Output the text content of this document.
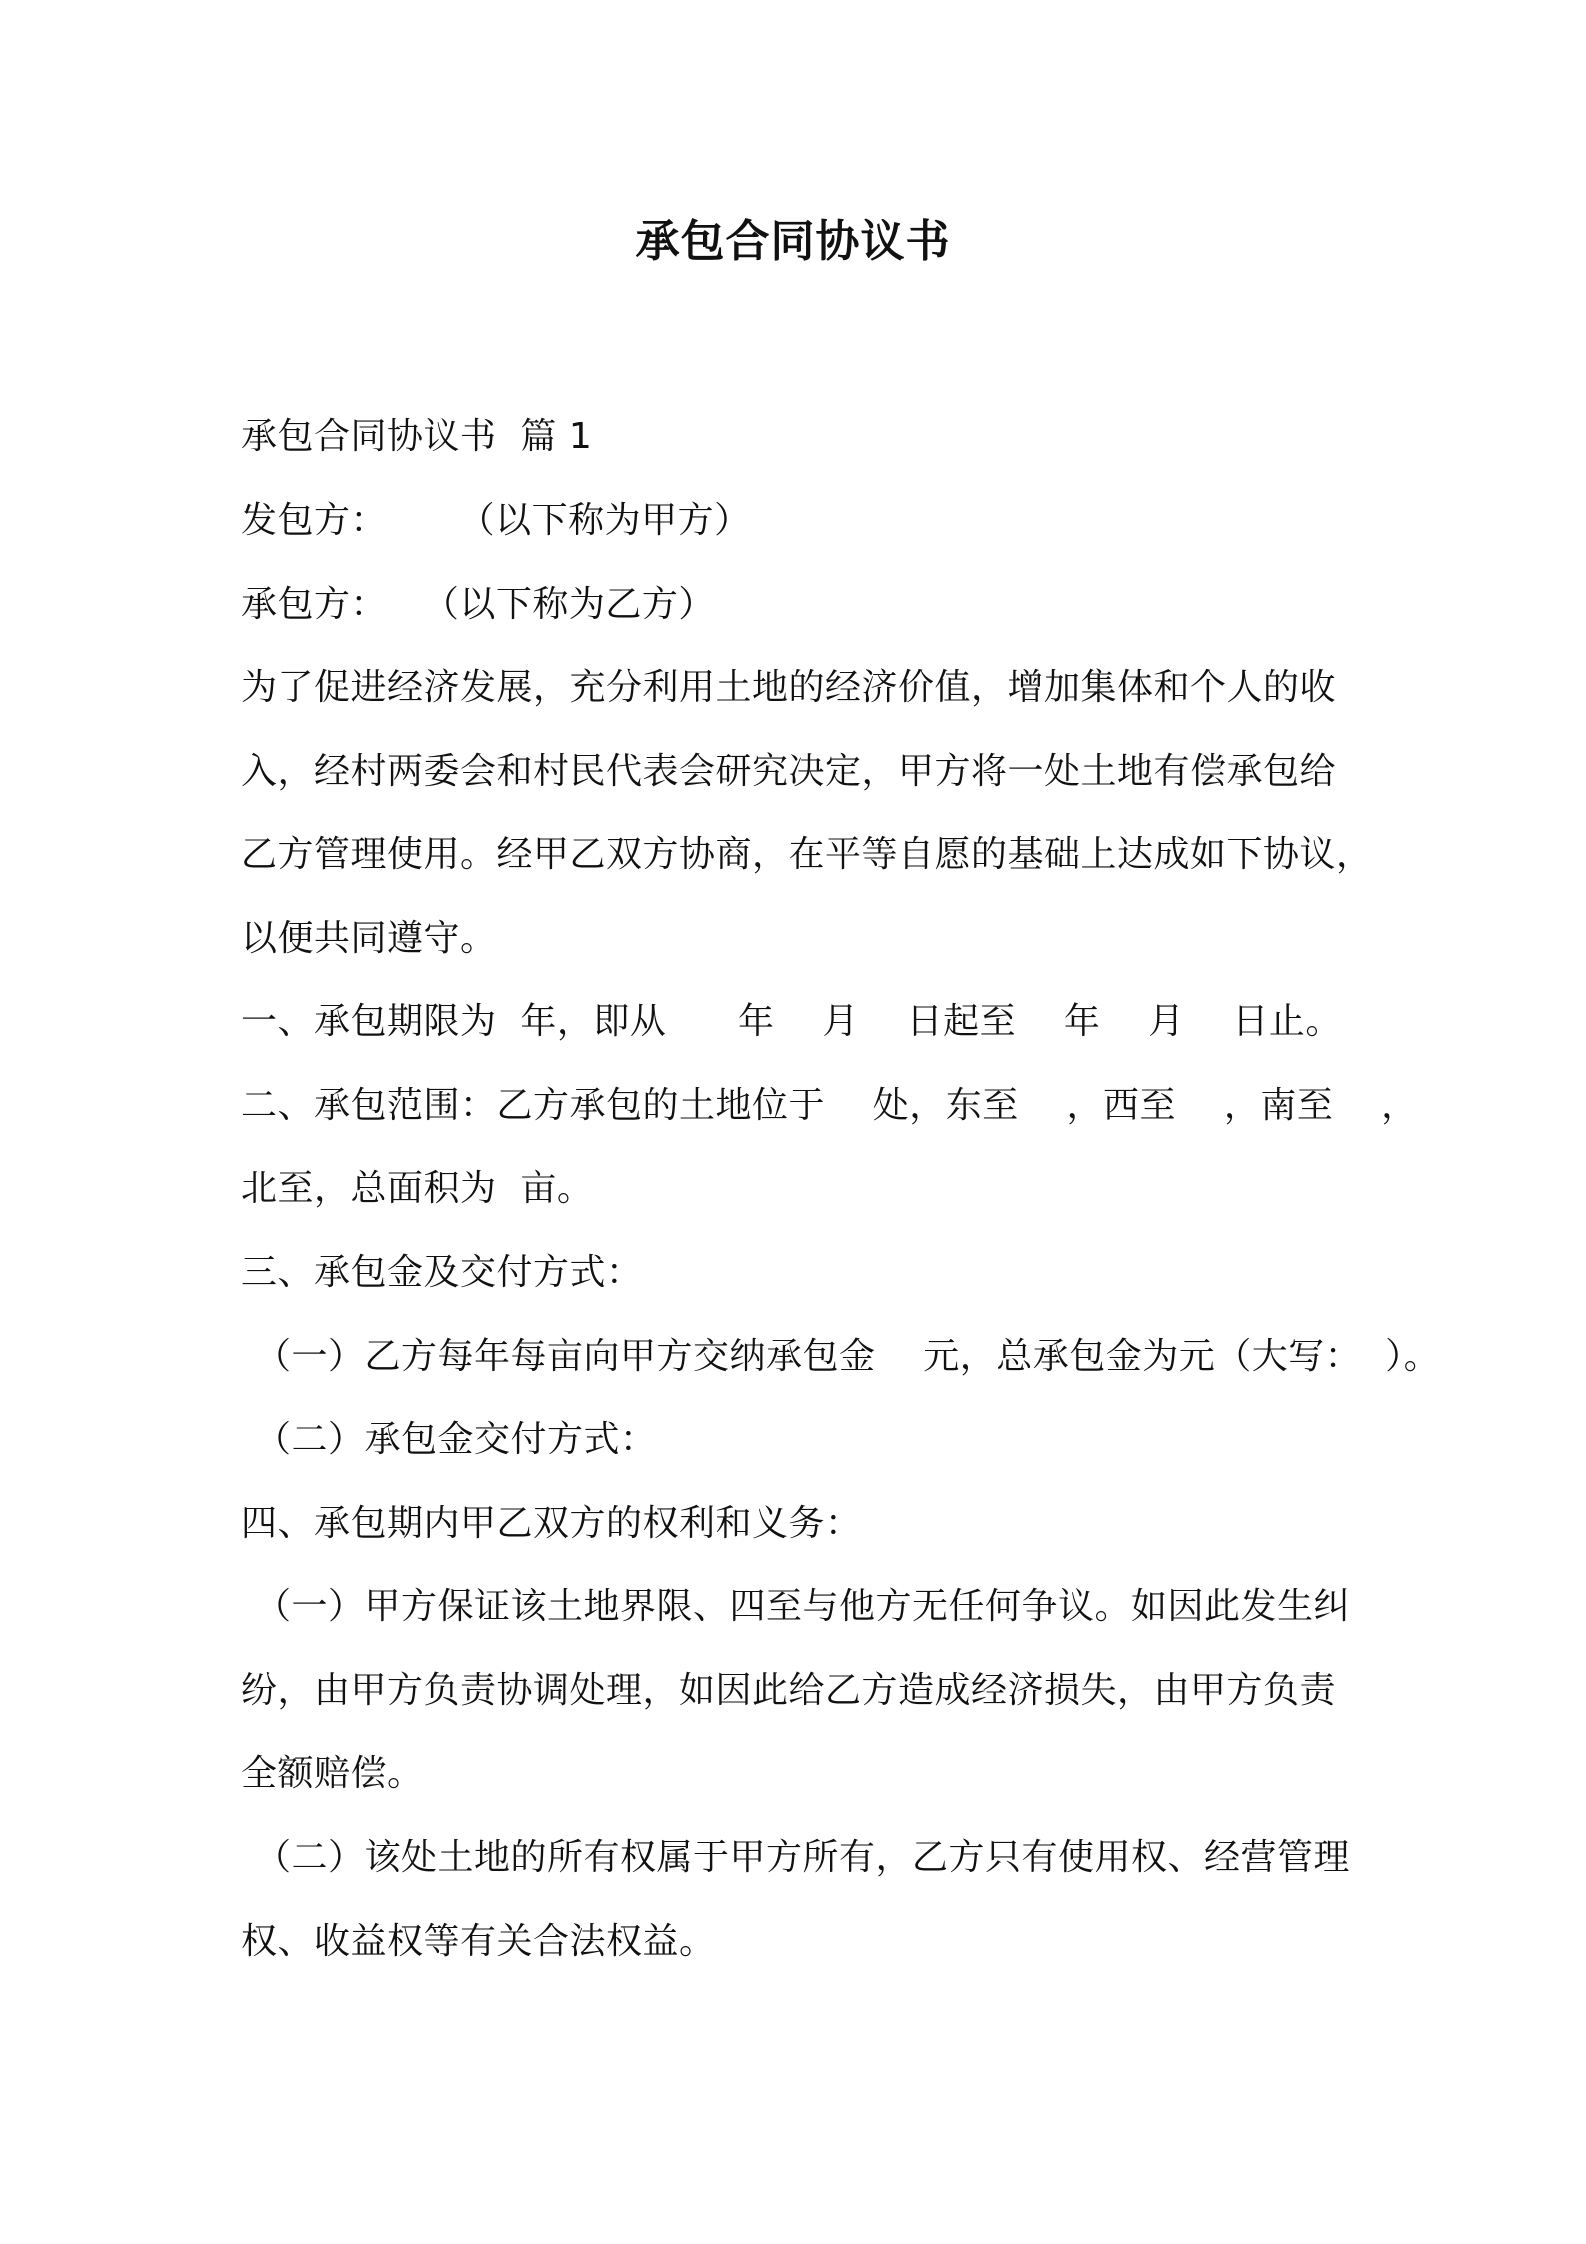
承包合同协议书
承包合同协议书  篇 1
发包方：      （以下称为甲方）
承包方：   （以下称为乙方）
为了促进经济发展，充分利用土地的经济价值，增加集体和个人的收
入，经村两委会和村民代表会研究决定，甲方将一处土地有偿承包给
乙方管理使用。经甲乙双方协商，在平等自愿的基础上达成如下协议，
以便共同遵守。
一、承包期限为  年，即从      年    月    日起至    年    月    日止。
二、承包范围：乙方承包的土地位于    处，东至    ，西至    ，南至    ，
北至，总面积为  亩。
三、承包金及交付方式：
（一）乙方每年每亩向甲方交纳承包金    元，总承包金为元（大写：  ）。
（二）承包金交付方式：
四、承包期内甲乙双方的权利和义务：
（一）甲方保证该土地界限、四至与他方无任何争议。如因此发生纠
纷，由甲方负责协调处理，如因此给乙方造成经济损失，由甲方负责
全额赔偿。
（二）该处土地的所有权属于甲方所有，乙方只有使用权、经营管理
权、收益权等有关合法权益。
